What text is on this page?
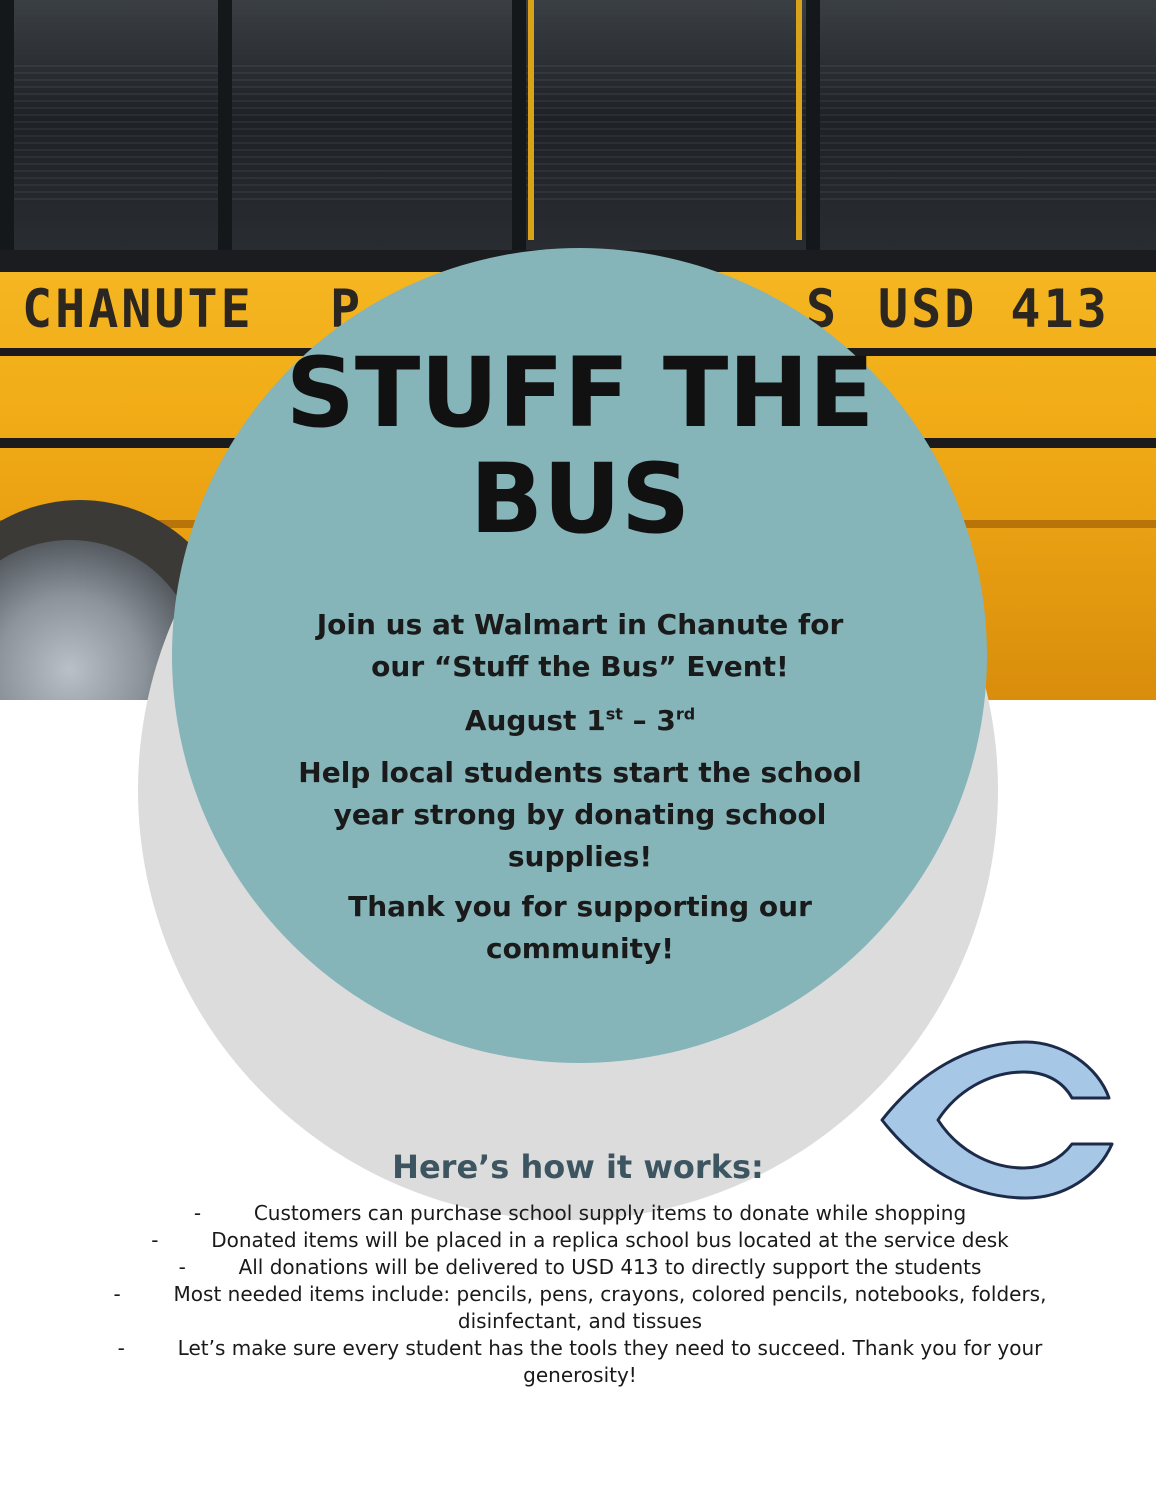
CHANUTE P	S USD 413
STUFF THE
BUS

Join us at Walmart in Chanute for
our “Stuff the Bus” Event!

August 1st – 3rd

Help local students start the school
year strong by donating school
supplies!

Thank you for supporting our
community!

Here’s how it works:
-	Customers can purchase school supply items to donate while shopping
-	Donated items will be placed in a replica school bus located at the service desk
-	All donations will be delivered to USD 413 to directly support the students
-	Most needed items include: pencils, pens, crayons, colored pencils, notebooks, folders,
disinfectant, and tissues
-	Let’s make sure every student has the tools they need to succeed. Thank you for your
generosity!
